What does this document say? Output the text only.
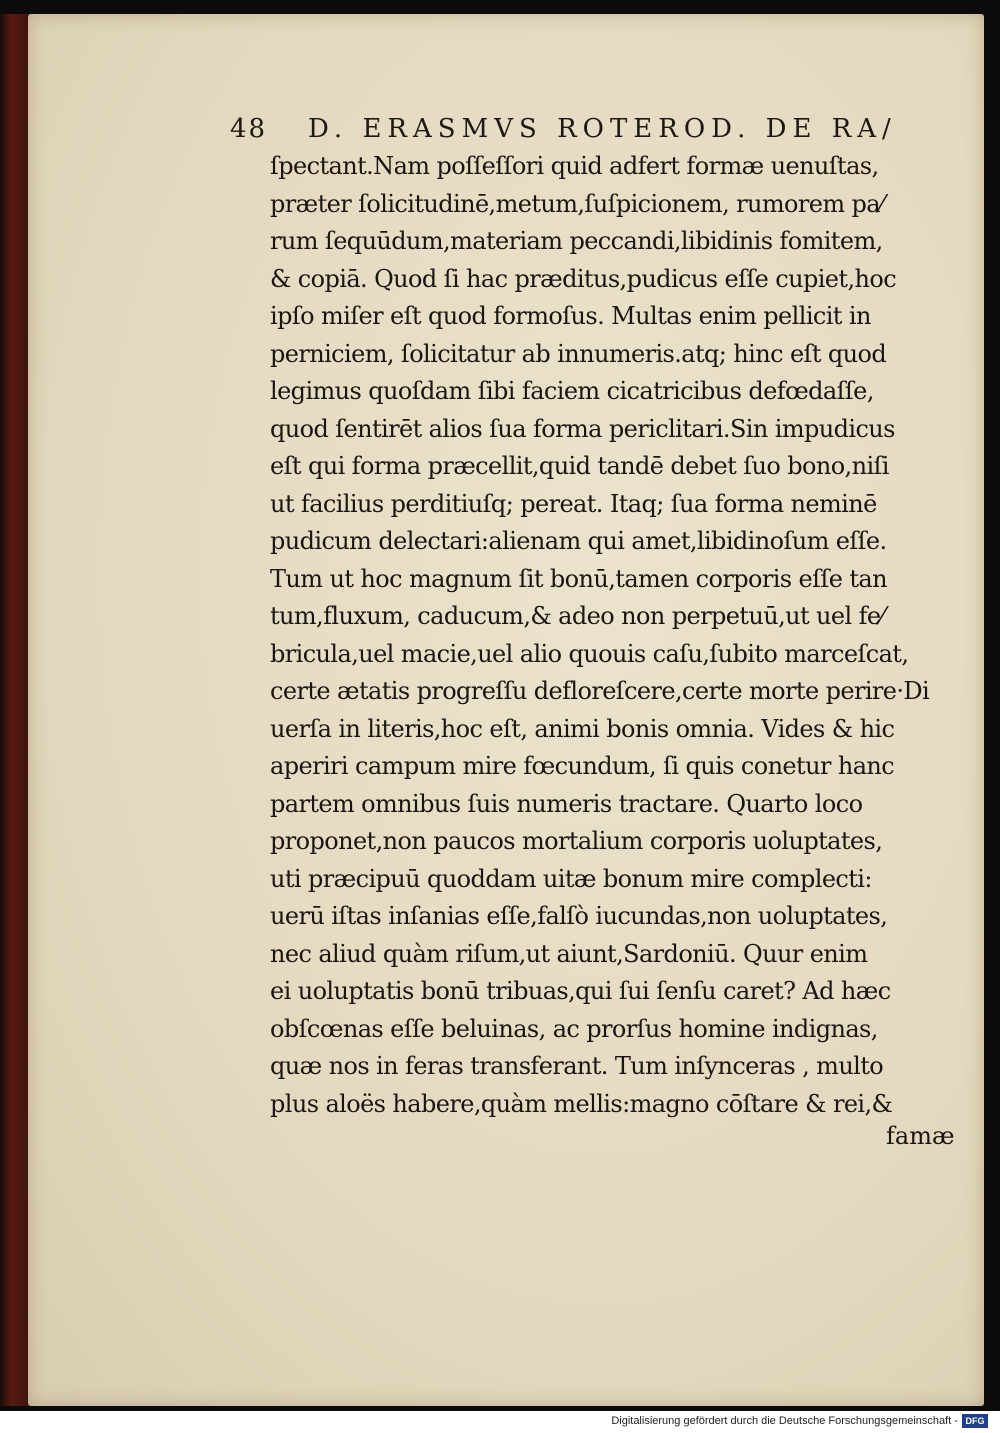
48 D. ERASMVS ROTEROD. DE RA/
ſpectant.Nam poſſeſſori quid adfert formæ uenuſtas,
præter ſolicitudinē,metum,ſuſpicionem, rumorem pa⁄
rum ſequūdum,materiam peccandi,libidinis fomitem,
& copiā. Quod ſi hac præditus,pudicus eſſe cupiet,hoc
ipſo miſer eſt quod formoſus. Multas enim pellicit in
perniciem, ſolicitatur ab innumeris.atq; hinc eſt quod
legimus quoſdam ſibi faciem cicatricibus defœdaſſe,
quod ſentirēt alios ſua forma periclitari.Sin impudicus
eſt qui forma præcellit,quid tandē debet ſuo bono,niſi
ut facilius perditiuſq; pereat. Itaq; ſua forma neminē
pudicum delectari:alienam qui amet,libidinoſum eſſe.
Tum ut hoc magnum ſit bonū,tamen corporis eſſe tan
tum,fluxum, caducum,& adeo non perpetuū,ut uel fe⁄
bricula,uel macie,uel alio quouis caſu,ſubito marceſcat,
certe ætatis progreſſu defloreſcere,certe morte perire·Di
uerſa in literis,hoc eſt, animi bonis omnia. Vides & hic
aperiri campum mire fœcundum, ſi quis conetur hanc
partem omnibus ſuis numeris tractare. Quarto loco
proponet,non paucos mortalium corporis uoluptates,
uti præcipuū quoddam uitæ bonum mire complecti:
uerū iſtas inſanias eſſe,falſò iucundas,non uoluptates,
nec aliud quàm riſum,ut aiunt,Sardoniū. Quur enim
ei uoluptatis bonū tribuas,qui ſui ſenſu caret? Ad hæc
obſcœnas eſſe beluinas, ac prorſus homine indignas,
quæ nos in feras transferant. Tum inſynceras , multo
plus aloës habere,quàm mellis:magno cōſtare & rei,&
famæ
Digitalisierung gefördert durch die Deutsche Forschungsgemeinschaft - DFG
